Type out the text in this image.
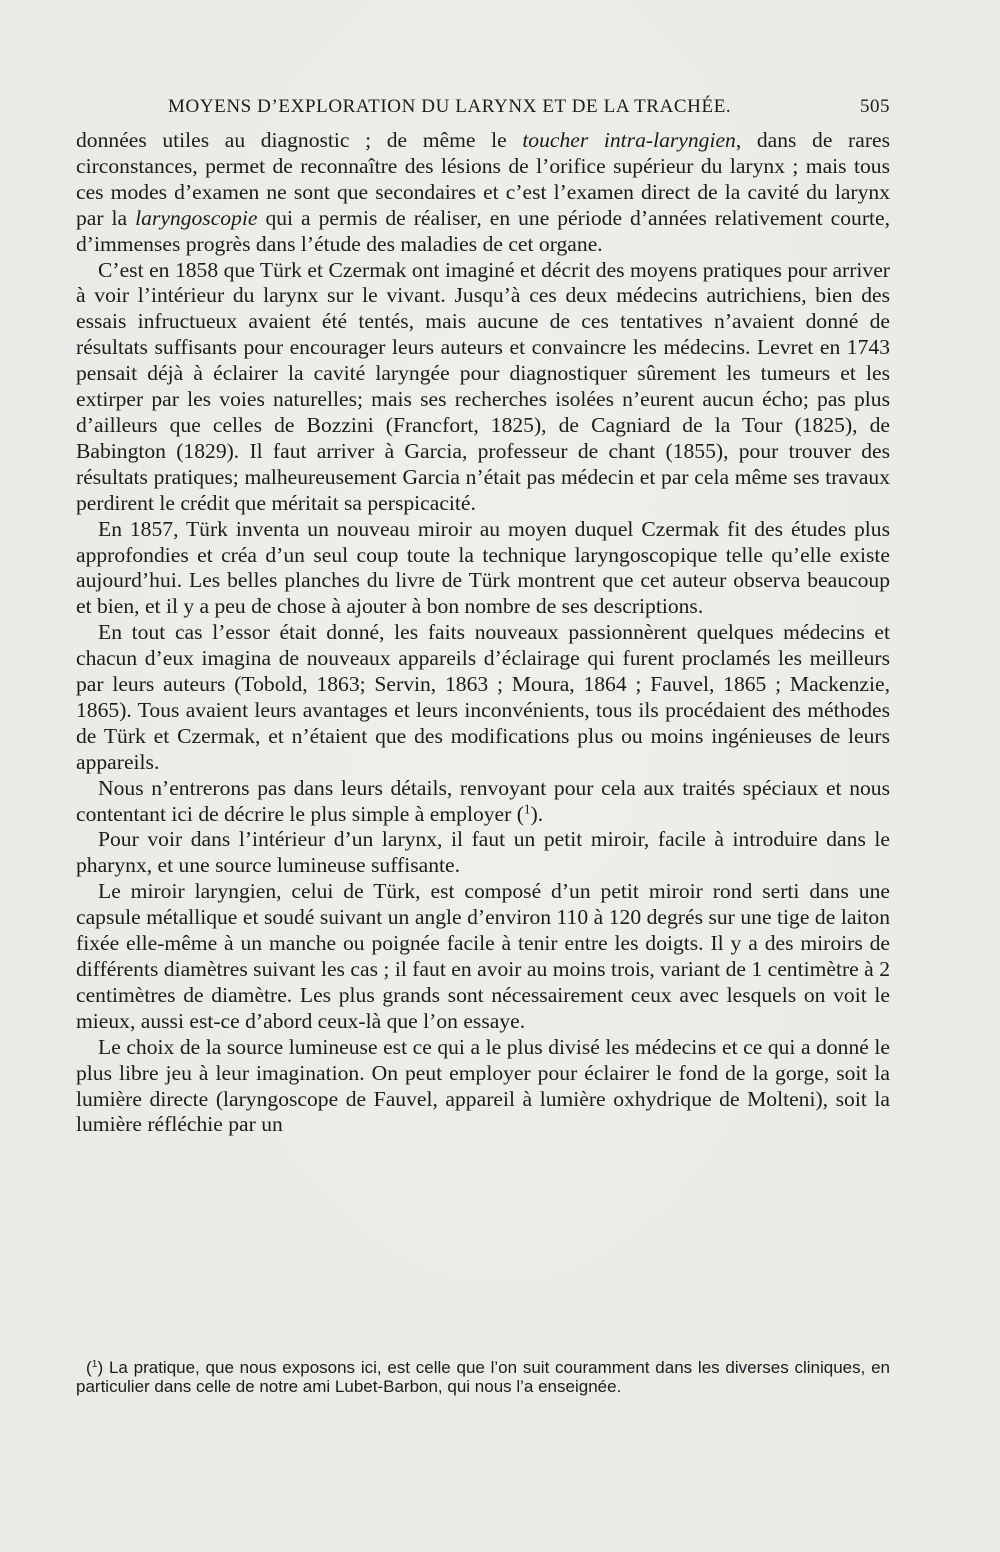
MOYENS D’EXPLORATION DU LARYNX ET DE LA TRACHÉE.	505

données utiles au diagnostic ; de même le toucher intra-laryngien, dans de rares circonstances, permet de reconnaître des lésions de l’orifice supérieur du larynx ; mais tous ces modes d’examen ne sont que secondaires et c’est l’examen direct de la cavité du larynx par la laryngoscopie qui a permis de réaliser, en une période d’années relativement courte, d’immenses progrès dans l’étude des maladies de cet organe.

C’est en 1858 que Türk et Czermak ont imaginé et décrit des moyens pratiques pour arriver à voir l’intérieur du larynx sur le vivant. Jusqu’à ces deux médecins autrichiens, bien des essais infructueux avaient été tentés, mais aucune de ces tentatives n’avaient donné de résultats suffisants pour encourager leurs auteurs et convaincre les médecins. Levret en 1743 pensait déjà à éclairer la cavité laryngée pour diagnostiquer sûrement les tumeurs et les extirper par les voies naturelles; mais ses recherches isolées n’eurent aucun écho; pas plus d’ailleurs que celles de Bozzini (Francfort, 1825), de Cagniard de la Tour (1825), de Babington (1829). Il faut arriver à Garcia, professeur de chant (1855), pour trouver des résultats pratiques; malheureusement Garcia n’était pas médecin et par cela même ses travaux perdirent le crédit que méritait sa perspicacité.

En 1857, Türk inventa un nouveau miroir au moyen duquel Czermak fit des études plus approfondies et créa d’un seul coup toute la technique laryngoscopique telle qu’elle existe aujourd’hui. Les belles planches du livre de Türk montrent que cet auteur observa beaucoup et bien, et il y a peu de chose à ajouter à bon nombre de ses descriptions.

En tout cas l’essor était donné, les faits nouveaux passionnèrent quelques médecins et chacun d’eux imagina de nouveaux appareils d’éclairage qui furent proclamés les meilleurs par leurs auteurs (Tobold, 1863; Servin, 1863 ; Moura, 1864 ; Fauvel, 1865 ; Mackenzie, 1865). Tous avaient leurs avantages et leurs inconvénients, tous ils procédaient des méthodes de Türk et Czermak, et n’étaient que des modifications plus ou moins ingénieuses de leurs appareils.

Nous n’entrerons pas dans leurs détails, renvoyant pour cela aux traités spéciaux et nous contentant ici de décrire le plus simple à employer ($^1$).

Pour voir dans l’intérieur d’un larynx, il faut un petit miroir, facile à introduire dans le pharynx, et une source lumineuse suffisante.

Le miroir laryngien, celui de Türk, est composé d’un petit miroir rond serti dans une capsule métallique et soudé suivant un angle d’environ 110 à 120 degrés sur une tige de laiton fixée elle-même à un manche ou poignée facile à tenir entre les doigts. Il y a des miroirs de différents diamètres suivant les cas ; il faut en avoir au moins trois, variant de 1 centimètre à 2 centimètres de diamètre. Les plus grands sont nécessairement ceux avec lesquels on voit le mieux, aussi est-ce d’abord ceux-là que l’on essaye.

Le choix de la source lumineuse est ce qui a le plus divisé les médecins et ce qui a donné le plus libre jeu à leur imagination. On peut employer pour éclairer le fond de la gorge, soit la lumière directe (laryngoscope de Fauvel, appareil à lumière oxhydrique de Molteni), soit la lumière réfléchie par un

($^1$) La pratique, que nous exposons ici, est celle que l’on suit couramment dans les diverses cliniques, en particulier dans celle de notre ami Lubet-Barbon, qui nous l’a enseignée.
